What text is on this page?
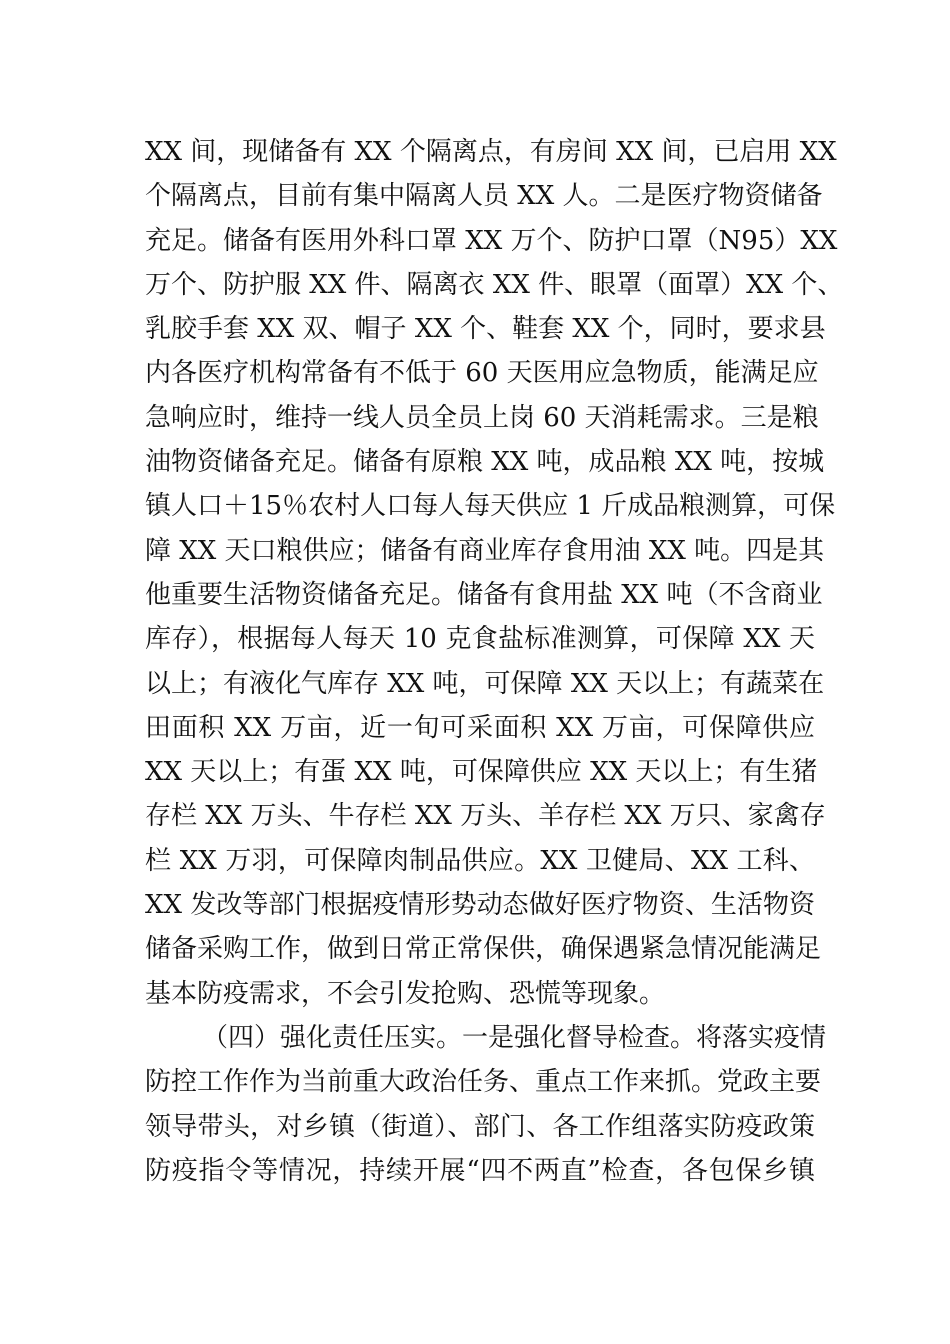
XX 间，现储备有 XX 个隔离点，有房间 XX 间，已启用 XX
个隔离点，目前有集中隔离人员 XX 人。二是医疗物资储备
充足。储备有医用外科口罩 XX 万个、防护口罩（N95）XX
万个、防护服 XX 件、隔离衣 XX 件、眼罩（面罩）XX 个、
乳胶手套 XX 双、帽子 XX 个、鞋套 XX 个，同时，要求县
内各医疗机构常备有不低于 60 天医用应急物质，能满足应
急响应时，维持一线人员全员上岗 60 天消耗需求。三是粮
油物资储备充足。储备有原粮 XX 吨，成品粮 XX 吨，按城
镇人口＋15％农村人口每人每天供应 1 斤成品粮测算，可保
障 XX 天口粮供应；储备有商业库存食用油 XX 吨。四是其
他重要生活物资储备充足。储备有食用盐 XX 吨（不含商业
库存），根据每人每天 10 克食盐标准测算，可保障 XX 天
以上；有液化气库存 XX 吨，可保障 XX 天以上；有蔬菜在
田面积 XX 万亩，近一旬可采面积 XX 万亩，可保障供应
XX 天以上；有蛋 XX 吨，可保障供应 XX 天以上；有生猪
存栏 XX 万头、牛存栏 XX 万头、羊存栏 XX 万只、家禽存
栏 XX 万羽，可保障肉制品供应。XX 卫健局、XX 工科、
XX 发改等部门根据疫情形势动态做好医疗物资、生活物资
储备采购工作，做到日常正常保供，确保遇紧急情况能满足
基本防疫需求，不会引发抢购、恐慌等现象。
（四）强化责任压实。一是强化督导检查。将落实疫情
防控工作作为当前重大政治任务、重点工作来抓。党政主要
领导带头，对乡镇（街道）、部门、各工作组落实防疫政策
防疫指令等情况，持续开展“四不两直”检查，各包保乡镇
